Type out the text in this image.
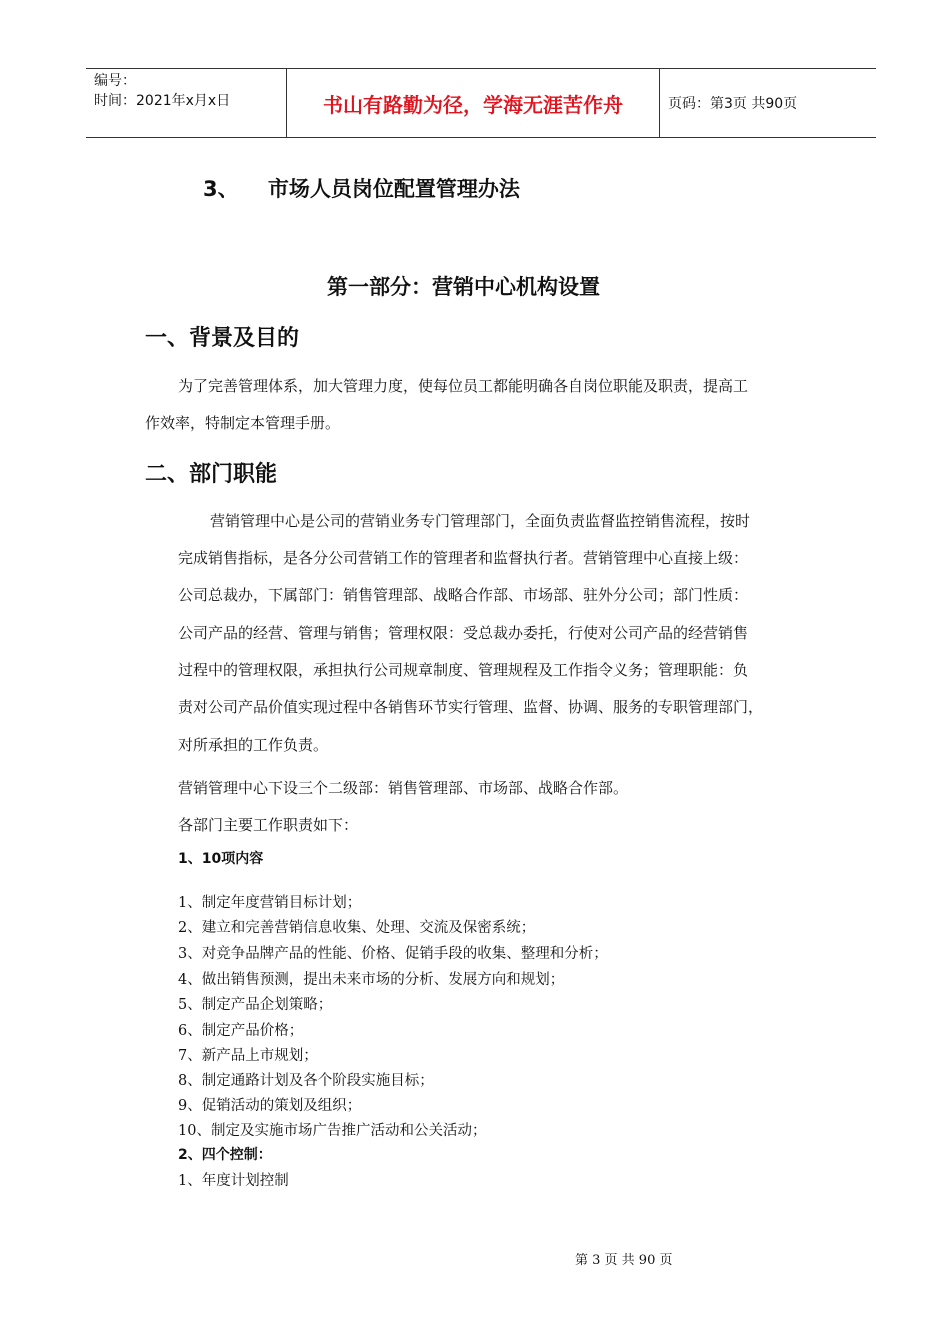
编号：
时间：2021年x月x日	书山有路勤为径，学海无涯苦作舟	页码：第3页 共90页
3、    市场人员岗位配置管理办法
第一部分：营销中心机构设置
一、背景及目的
为了完善管理体系，加大管理力度，使每位员工都能明确各自岗位职能及职责，提高工
作效率，特制定本管理手册。
二、部门职能
营销管理中心是公司的营销业务专门管理部门，全面负责监督监控销售流程，按时
完成销售指标，是各分公司营销工作的管理者和监督执行者。营销管理中心直接上级：
公司总裁办，下属部门：销售管理部、战略合作部、市场部、驻外分公司；部门性质：
公司产品的经营、管理与销售；管理权限：受总裁办委托，行使对公司产品的经营销售
过程中的管理权限，承担执行公司规章制度、管理规程及工作指令义务；管理职能：负
责对公司产品价值实现过程中各销售环节实行管理、监督、协调、服务的专职管理部门，
对所承担的工作负责。
营销管理中心下设三个二级部：销售管理部、市场部、战略合作部。
各部门主要工作职责如下：
1、10项内容
1、制定年度营销目标计划；
2、建立和完善营销信息收集、处理、交流及保密系统；
3、对竞争品牌产品的性能、价格、促销手段的收集、整理和分析；
4、做出销售预测，提出未来市场的分析、发展方向和规划；
5、制定产品企划策略；
6、制定产品价格；
7、新产品上市规划；
8、制定通路计划及各个阶段实施目标；
9、促销活动的策划及组织；
10、制定及实施市场广告推广活动和公关活动；
2、四个控制：
1、年度计划控制
第 3 页 共 90 页
